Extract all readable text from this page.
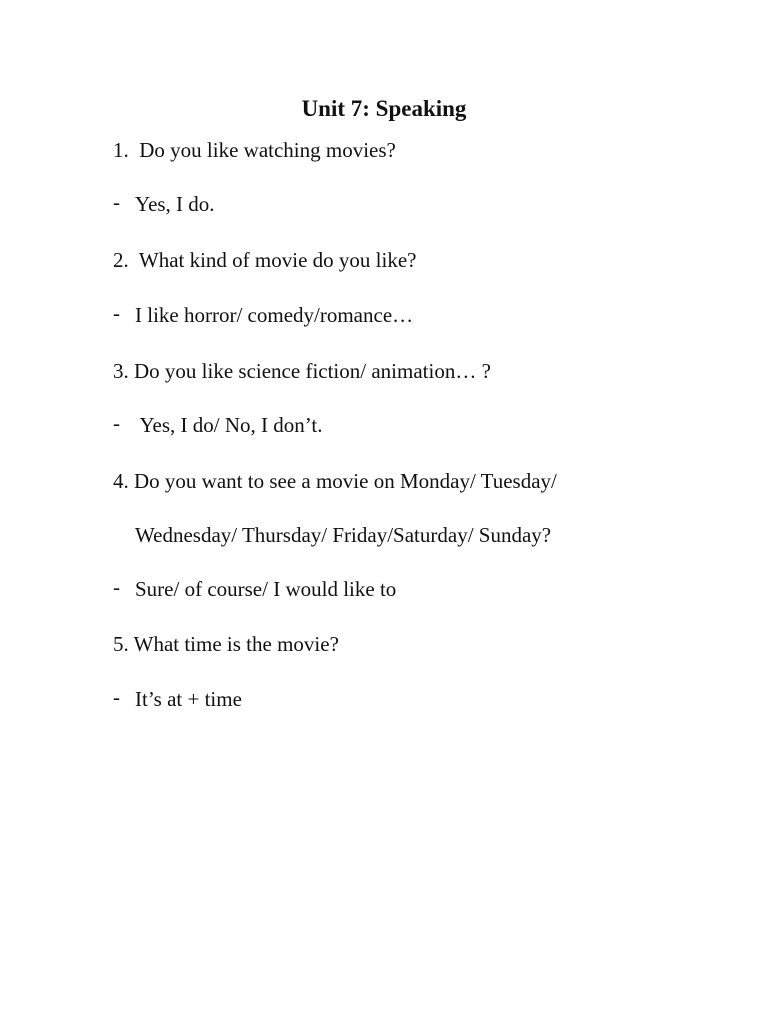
Unit 7: Speaking
1.  Do you like watching movies?
- Yes, I do.
2.  What kind of movie do you like?
- I like horror/ comedy/romance…
3. Do you like science fiction/ animation… ?
- Yes, I do/ No, I don’t.
4. Do you want to see a movie on Monday/ Tuesday/
Wednesday/ Thursday/ Friday/Saturday/ Sunday?
- Sure/ of course/ I would like to
5. What time is the movie?
- It’s at + time
